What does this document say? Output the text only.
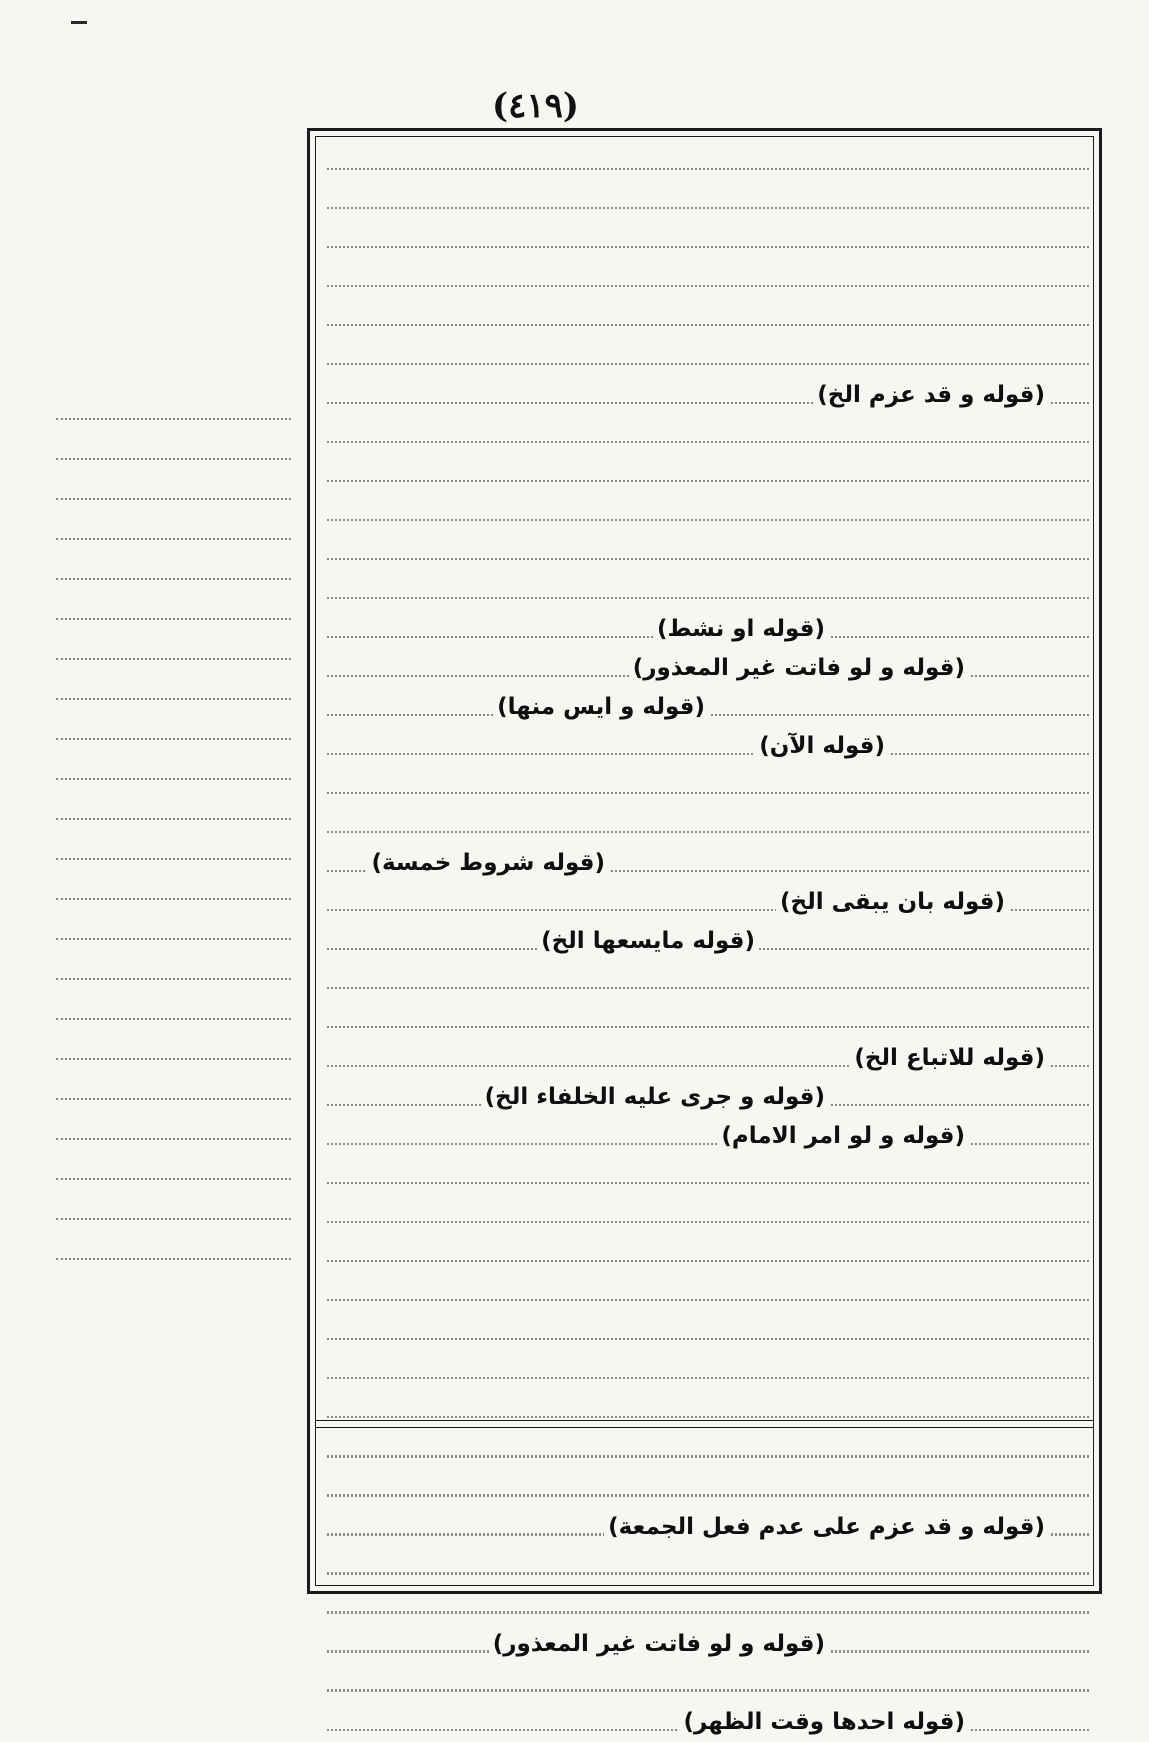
(٤١٩)
(قوله و قد عزم الخ)
(قوله او نشط)
(قوله و لو فاتت غير المعذور)
(قوله و ايس منها)
(قوله الآن)
(قوله شروط خمسة)
(قوله بان يبقى الخ)
(قوله مايسعها الخ)
(قوله للاتباع الخ)
(قوله و جرى عليه الخلفاء الخ)
(قوله و لو امر الامام)
(قوله و قد عزم على عدم فعل الجمعة)
(قوله و لو فاتت غير المعذور)
(قوله احدها وقت الظهر)
